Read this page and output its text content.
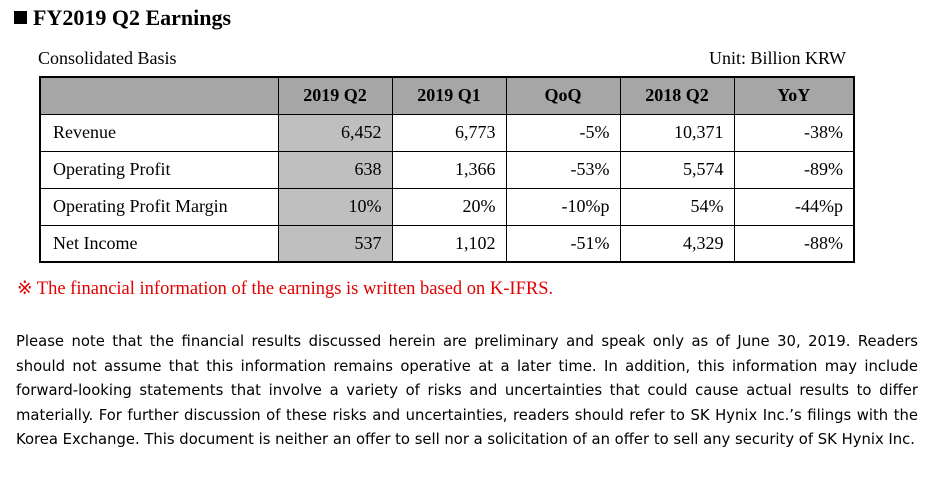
FY2019 Q2 Earnings
Consolidated Basis	Unit: Billion KRW
	2019 Q2	2019 Q1	QoQ	2018 Q2	YoY
Revenue	6,452	6,773	-5%	10,371	-38%
Operating Profit	638	1,366	-53%	5,574	-89%
Operating Profit Margin	10%	20%	-10%p	54%	-44%p
Net Income	537	1,102	-51%	4,329	-88%
※ The financial information of the earnings is written based on K-IFRS.

Please note that the financial results discussed herein are preliminary and speak only as of June 30, 2019. Readers should not assume that this information remains operative at a later time. In addition, this information may include forward-looking statements that involve a variety of risks and uncertainties that could cause actual results to differ materially. For further discussion of these risks and uncertainties, readers should refer to SK Hynix Inc.’s filings with the Korea Exchange. This document is neither an offer to sell nor a solicitation of an offer to sell any security of SK Hynix Inc.
